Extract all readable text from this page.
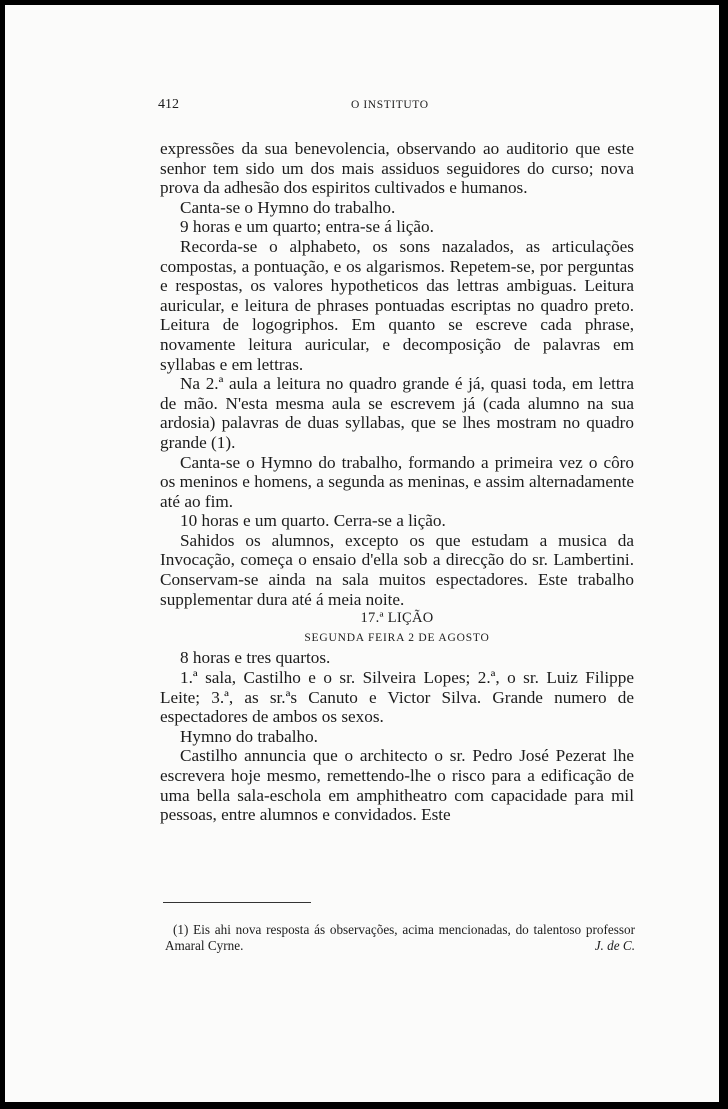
412	O INSTITUTO

expressões da sua benevolencia, observando ao auditorio que este senhor tem sido um dos mais assiduos seguidores do curso; nova prova da adhesão dos espiritos cultivados e humanos.

Canta-se o Hymno do trabalho.

9 horas e um quarto; entra-se á lição.

Recorda-se o alphabeto, os sons nazalados, as articulações compostas, a pontuação, e os algarismos. Repetem-se, por perguntas e respostas, os valores hypotheticos das lettras ambiguas. Leitura auricular, e leitura de phrases pontuadas escriptas no quadro preto. Leitura de logogriphos. Em quanto se escreve cada phrase, novamente leitura auricular, e decomposição de palavras em syllabas e em lettras.

Na 2.ª aula a leitura no quadro grande é já, quasi toda, em lettra de mão. N'esta mesma aula se escrevem já (cada alumno na sua ardosia) palavras de duas syllabas, que se lhes mostram no quadro grande (1).

Canta-se o Hymno do trabalho, formando a primeira vez o côro os meninos e homens, a segunda as meninas, e assim alternadamente até ao fim.

10 horas e um quarto. Cerra-se a lição.

Sahidos os alumnos, excepto os que estudam a musica da Invocação, começa o ensaio d'ella sob a direcção do sr. Lambertini. Conservam-se ainda na sala muitos espectadores. Este trabalho supplementar dura até á meia noite.

17.ª LIÇÃO

SEGUNDA FEIRA 2 DE AGOSTO

8 horas e tres quartos.

1.ª sala, Castilho e o sr. Silveira Lopes; 2.ª, o sr. Luiz Filippe Leite; 3.ª, as sr.ªs Canuto e Victor Silva. Grande numero de espectadores de ambos os sexos.

Hymno do trabalho.

Castilho annuncia que o architecto o sr. Pedro José Pezerat lhe escrevera hoje mesmo, remettendo-lhe o risco para a edificação de uma bella sala-eschola em amphitheatro com capacidade para mil pessoas, entre alumnos e convidados. Este

(1) Eis ahi nova resposta ás observações, acima mencionadas, do talentoso professor Amaral Cyrne.	J. de C.
